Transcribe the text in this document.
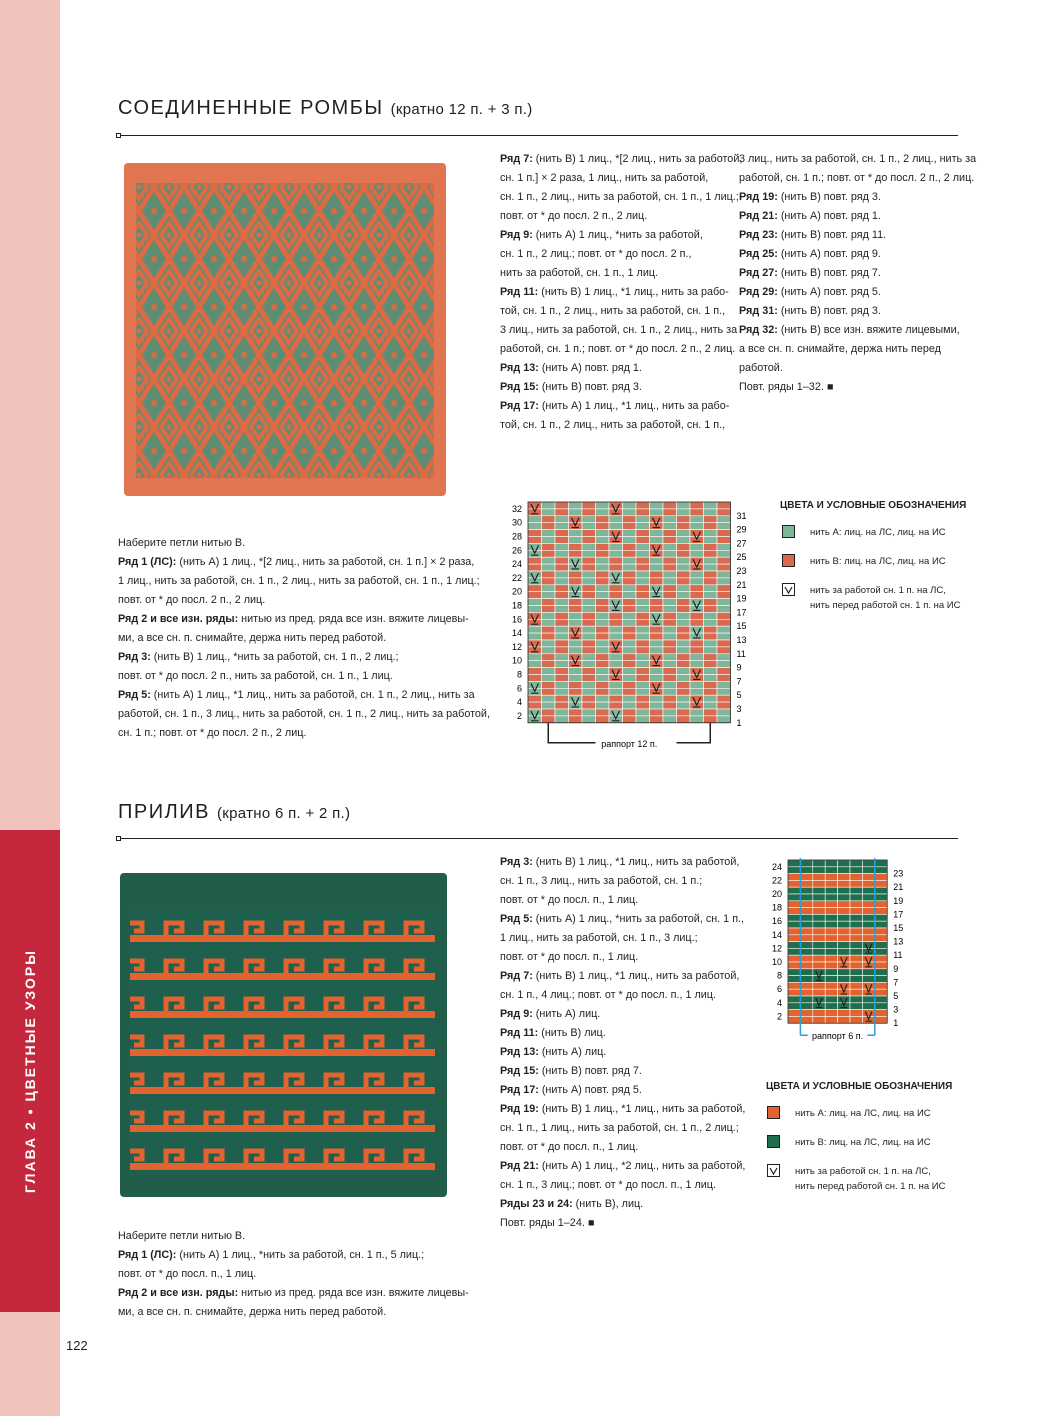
ГЛАВА 2 • ЦВЕТНЫЕ УЗОРЫ
122
СОЕДИНЕННЫЕ РОМБЫ (кратно 12 п. + 3 п.)

Ряд 7: (нить В) 1 лиц., *[2 лиц., нить за работой,

сн. 1 п.] × 2 раза, 1 лиц., нить за работой,

сн. 1 п., 2 лиц., нить за работой, сн. 1 п., 1 лиц.;

повт. от * до посл. 2 п., 2 лиц.

Ряд 9: (нить А) 1 лиц., *нить за работой,

сн. 1 п., 2 лиц.; повт. от * до посл. 2 п.,

нить за работой, сн. 1 п., 1 лиц.

Ряд 11: (нить В) 1 лиц., *1 лиц., нить за рабо-

той, сн. 1 п., 2 лиц., нить за работой, сн. 1 п.,

3 лиц., нить за работой, сн. 1 п., 2 лиц., нить за

работой, сн. 1 п.; повт. от * до посл. 2 п., 2 лиц.

Ряд 13: (нить А) повт. ряд 1.

Ряд 15: (нить В) повт. ряд 3.

Ряд 17: (нить А) 1 лиц., *1 лиц., нить за рабо-

той, сн. 1 п., 2 лиц., нить за работой, сн. 1 п.,

3 лиц., нить за работой, сн. 1 п., 2 лиц., нить за

работой, сн. 1 п.; повт. от * до посл. 2 п., 2 лиц.

Ряд 19: (нить В) повт. ряд 3.

Ряд 21: (нить А) повт. ряд 1.

Ряд 23: (нить В) повт. ряд 11.

Ряд 25: (нить А) повт. ряд 9.

Ряд 27: (нить В) повт. ряд 7.

Ряд 29: (нить А) повт. ряд 5.

Ряд 31: (нить В) повт. ряд 3.

Ряд 32: (нить В) все изн. вяжите лицевыми,

а все сн. п. снимайте, держа нить перед

работой.

Повт. ряды 1–32. ■

Наберите петли нитью В.

Ряд 1 (ЛС): (нить А) 1 лиц., *[2 лиц., нить за работой, сн. 1 п.] × 2 раза,

1 лиц., нить за работой, сн. 1 п., 2 лиц., нить за работой, сн. 1 п., 1 лиц.;

повт. от * до посл. 2 п., 2 лиц.

Ряд 2 и все изн. ряды: нитью из пред. ряда все изн. вяжите лицевы-

ми, а все сн. п. снимайте, держа нить перед работой.

Ряд 3: (нить В) 1 лиц., *нить за работой, сн. 1 п., 2 лиц.;

повт. от * до посл. 2 п., нить за работой, сн. 1 п., 1 лиц.

Ряд 5: (нить А) 1 лиц., *1 лиц., нить за работой, сн. 1 п., 2 лиц., нить за

работой, сн. 1 п., 3 лиц., нить за работой, сн. 1 п., 2 лиц., нить за работой,

сн. 1 п.; повт. от * до посл. 2 п., 2 лиц.

32
30
28
26
24
22
20
18
16
14
12
10
8
6
4
2
31
29
27
25
23
21
19
17
15
13
11
9
7
5
3
1
раппорт 12 п.
ЦВЕТА И УСЛОВНЫЕ ОБОЗНАЧЕНИЯ
нить А: лиц. на ЛС, лиц. на ИС
нить В: лиц. на ЛС, лиц. на ИС
нить за работой сн. 1 п. на ЛС,
нить перед работой сн. 1 п. на ИС
ПРИЛИВ (кратно 6 п. + 2 п.)

Ряд 3: (нить В) 1 лиц., *1 лиц., нить за работой,

сн. 1 п., 3 лиц., нить за работой, сн. 1 п.;

повт. от * до посл. п., 1 лиц.

Ряд 5: (нить А) 1 лиц., *нить за работой, сн. 1 п.,

1 лиц., нить за работой, сн. 1 п., 3 лиц.;

повт. от * до посл. п., 1 лиц.

Ряд 7: (нить В) 1 лиц., *1 лиц., нить за работой,

сн. 1 п., 4 лиц.; повт. от * до посл. п., 1 лиц.

Ряд 9: (нить А) лиц.

Ряд 11: (нить В) лиц.

Ряд 13: (нить А) лиц.

Ряд 15: (нить В) повт. ряд 7.

Ряд 17: (нить А) повт. ряд 5.

Ряд 19: (нить В) 1 лиц., *1 лиц., нить за работой,

сн. 1 п., 1 лиц., нить за работой, сн. 1 п., 2 лиц.;

повт. от * до посл. п., 1 лиц.

Ряд 21: (нить А) 1 лиц., *2 лиц., нить за работой,

сн. 1 п., 3 лиц.; повт. от * до посл. п., 1 лиц.

Ряды 23 и 24: (нить В), лиц.

Повт. ряды 1–24. ■

Наберите петли нитью В.

Ряд 1 (ЛС): (нить А) 1 лиц., *нить за работой, сн. 1 п., 5 лиц.;

повт. от * до посл. п., 1 лиц.

Ряд 2 и все изн. ряды: нитью из пред. ряда все изн. вяжите лицевы-

ми, а все сн. п. снимайте, держа нить перед работой.

24
22
20
18
16
14
12
10
8
6
4
2
23
21
19
17
15
13
11
9
7
5
3
1
раппорт 6 п.
ЦВЕТА И УСЛОВНЫЕ ОБОЗНАЧЕНИЯ
нить А: лиц. на ЛС, лиц. на ИС
нить В: лиц. на ЛС, лиц. на ИС
нить за работой сн. 1 п. на ЛС,
нить перед работой сн. 1 п. на ИС
